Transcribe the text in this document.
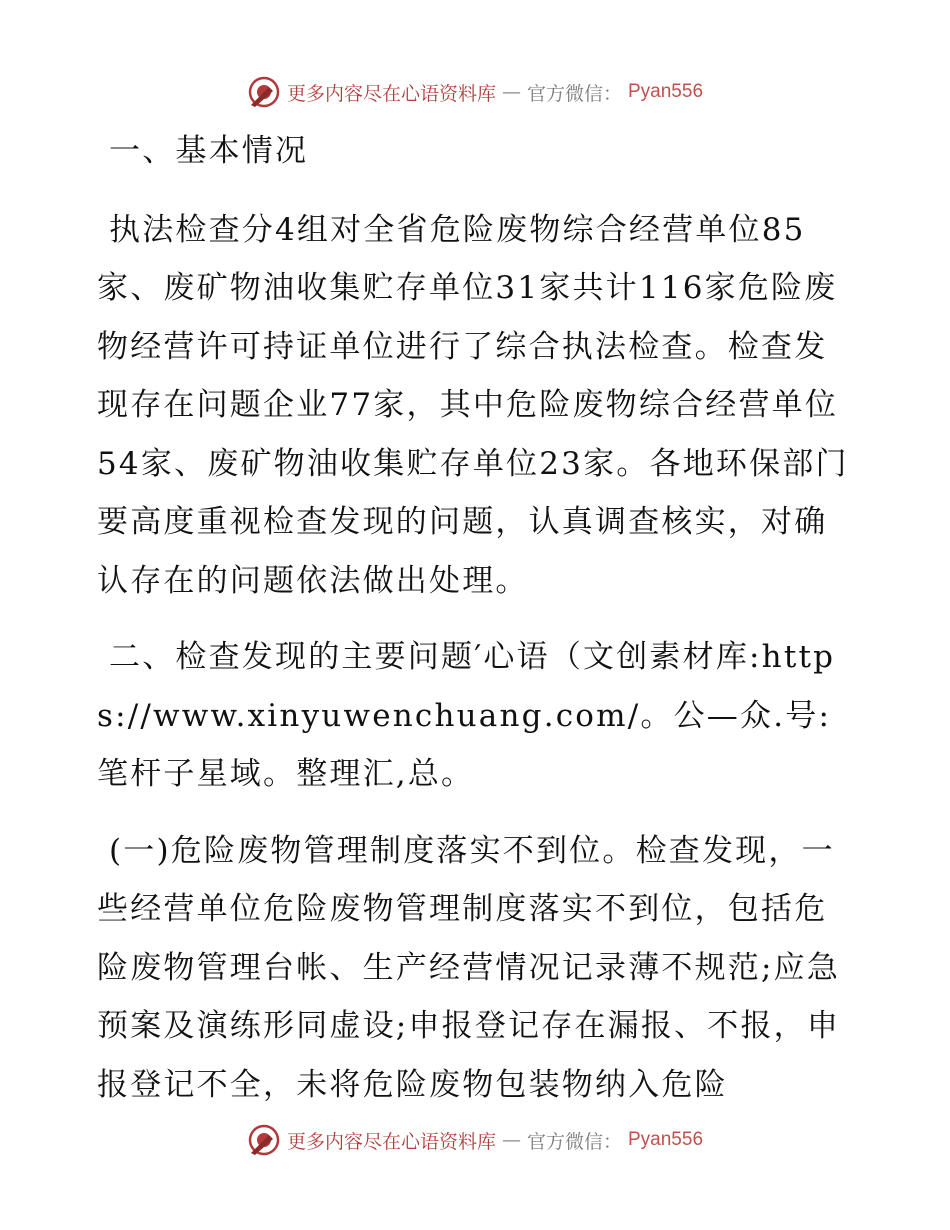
更多内容尽在心语资料库 — 官方微信： Pyan556

一、基本情况

执法检查分4组对全省危险废物综合经营单位85家、废矿物油收集贮存单位31家共计116家危险废物经营许可持证单位进行了综合执法检查。检查发现存在问题企业77家，其中危险废物综合经营单位54家、废矿物油收集贮存单位23家。各地环保部门要高度重视检查发现的问题，认真调查核实，对确认存在的问题依法做出处理。

二、检查发现的主要问题′心语（文创素材库:https://www.xinyuwenchuang.com/。公—众.号:笔杆子星域。整理汇,总。

(一)危险废物管理制度落实不到位。检查发现，一些经营单位危险废物管理制度落实不到位，包括危险废物管理台帐、生产经营情况记录薄不规范;应急预案及演练形同虚设;申报登记存在漏报、不报，申报登记不全，未将危险废物包装物纳入危险

更多内容尽在心语资料库 — 官方微信： Pyan556
